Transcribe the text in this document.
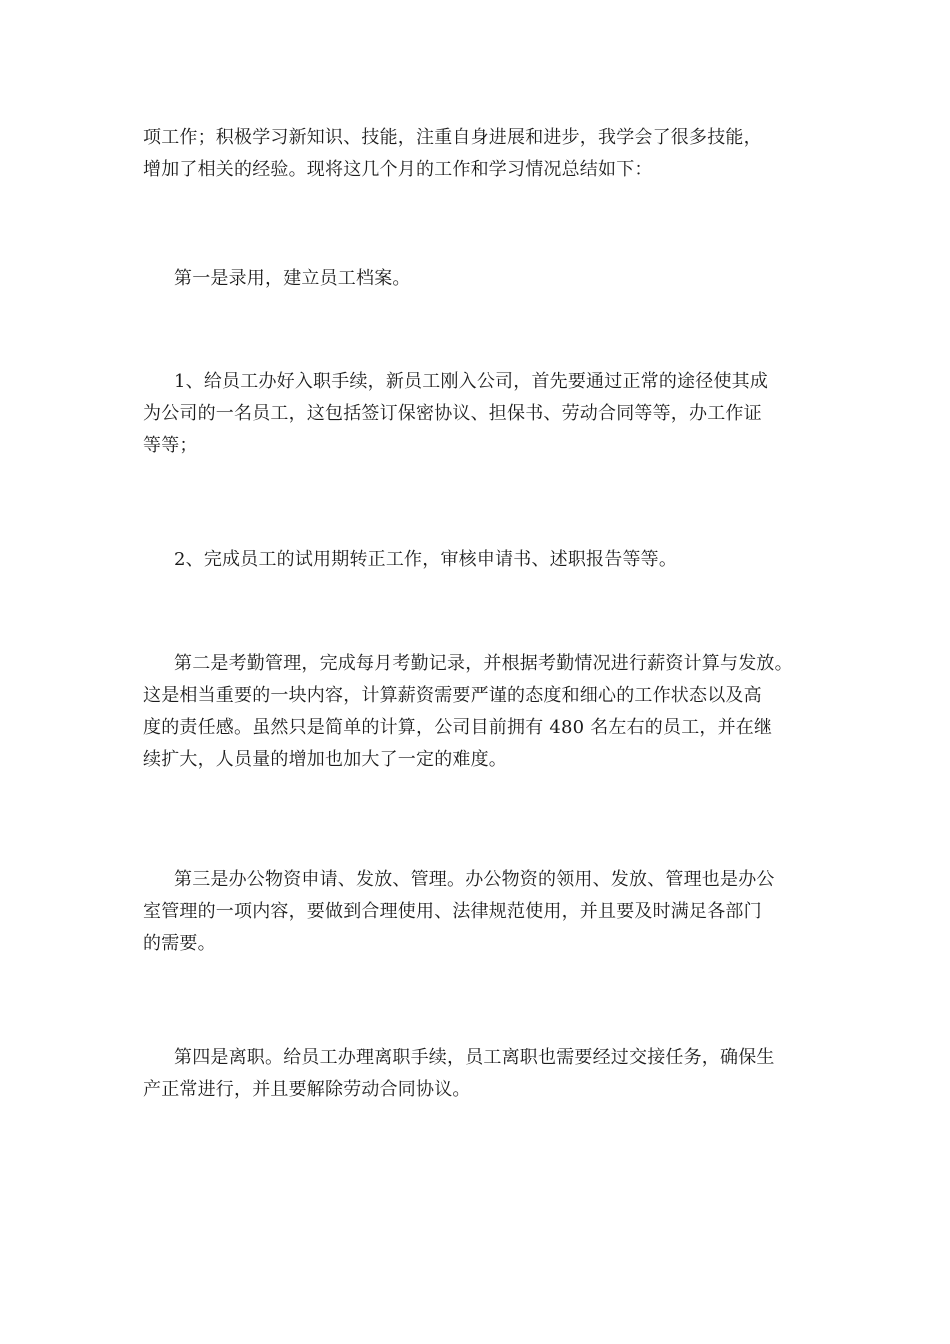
项工作；积极学习新知识、技能，注重自身进展和进步，我学会了很多技能，
增加了相关的经验。现将这几个月的工作和学习情况总结如下：

第一是录用，建立员工档案。

1、给员工办好入职手续，新员工刚入公司，首先要通过正常的途径使其成
为公司的一名员工，这包括签订保密协议、担保书、劳动合同等等，办工作证
等等；

2、完成员工的试用期转正工作，审核申请书、述职报告等等。

第二是考勤管理，完成每月考勤记录，并根据考勤情况进行薪资计算与发放。
这是相当重要的一块内容，计算薪资需要严谨的态度和细心的工作状态以及高
度的责任感。虽然只是简单的计算，公司目前拥有 480 名左右的员工，并在继
续扩大，人员量的增加也加大了一定的难度。

第三是办公物资申请、发放、管理。办公物资的领用、发放、管理也是办公
室管理的一项内容，要做到合理使用、法律规范使用，并且要及时满足各部门
的需要。

第四是离职。给员工办理离职手续，员工离职也需要经过交接任务，确保生
产正常进行，并且要解除劳动合同协议。
